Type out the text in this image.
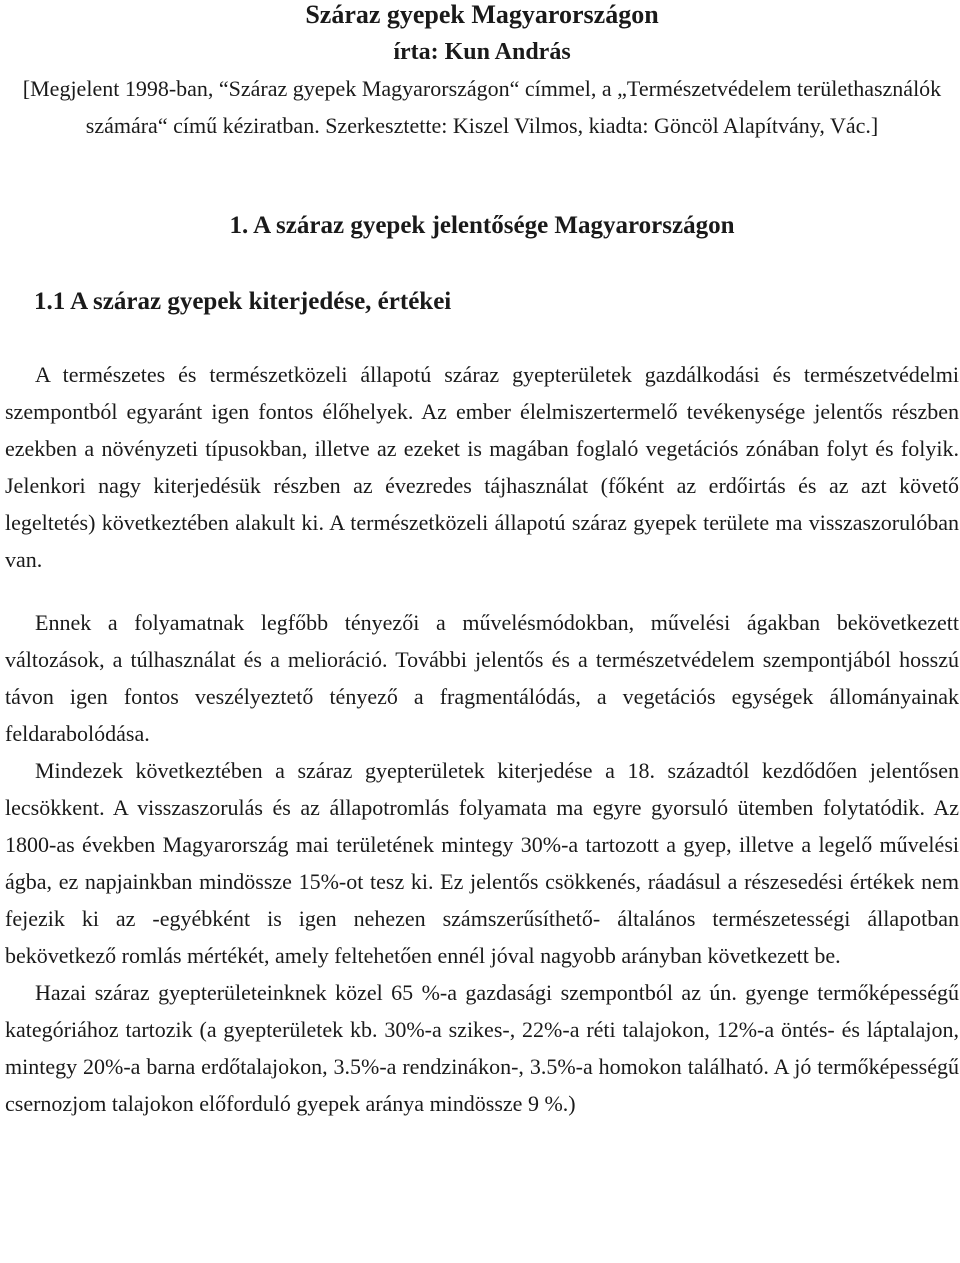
Száraz gyepek Magyarországon
írta: Kun András
[Megjelent 1998-ban, “Száraz gyepek Magyarországon“ címmel, a „Természetvédelem területhasználók számára“ című kéziratban. Szerkesztette: Kiszel Vilmos, kiadta: Göncöl Alapítvány, Vác.]
1. A száraz gyepek jelentősége Magyarországon
1.1 A száraz gyepek kiterjedése, értékei

A természetes és természetközeli állapotú száraz gyepterületek gazdálkodási és természetvédelmi szempontból egyaránt igen fontos élőhelyek. Az ember élelmiszertermelő tevékenysége jelentős részben ezekben a növényzeti típusokban, illetve az ezeket is magában foglaló vegetációs zónában folyt és folyik. Jelenkori nagy kiterjedésük részben az évezredes tájhasználat (főként az erdőirtás és az azt követő legeltetés) következtében alakult ki. A természetközeli állapotú száraz gyepek területe ma visszaszorulóban van.

Ennek a folyamatnak legfőbb tényezői a művelésmódokban, művelési ágakban bekövetkezett változások, a túlhasználat és a melioráció. További jelentős és a természetvédelem szempontjából hosszú távon igen fontos veszélyeztető tényező a fragmentálódás, a vegetációs egységek állományainak feldarabolódása.

Mindezek következtében a száraz gyepterületek kiterjedése a 18. századtól kezdődően jelentősen lecsökkent. A visszaszorulás és az állapotromlás folyamata ma egyre gyorsuló ütemben folytatódik. Az 1800-as években Magyarország mai területének mintegy 30%-a tartozott a gyep, illetve a legelő művelési ágba, ez napjainkban mindössze 15%-ot tesz ki. Ez jelentős csökkenés, ráadásul a részesedési értékek nem fejezik ki az -egyébként is igen nehezen számszerűsíthető- általános természetességi állapotban bekövetkező romlás mértékét, amely feltehetően ennél jóval nagyobb arányban következett be.

Hazai száraz gyepterületeinknek közel 65 %-a gazdasági szempontból az ún. gyenge termőképességű kategóriához tartozik (a gyepterületek kb. 30%-a szikes-, 22%-a réti talajokon, 12%-a öntés- és láptalajon, mintegy 20%-a barna erdőtalajokon, 3.5%-a rendzinákon-, 3.5%-a homokon található. A jó termőképességű csernozjom talajokon előforduló gyepek aránya mindössze 9 %.)
